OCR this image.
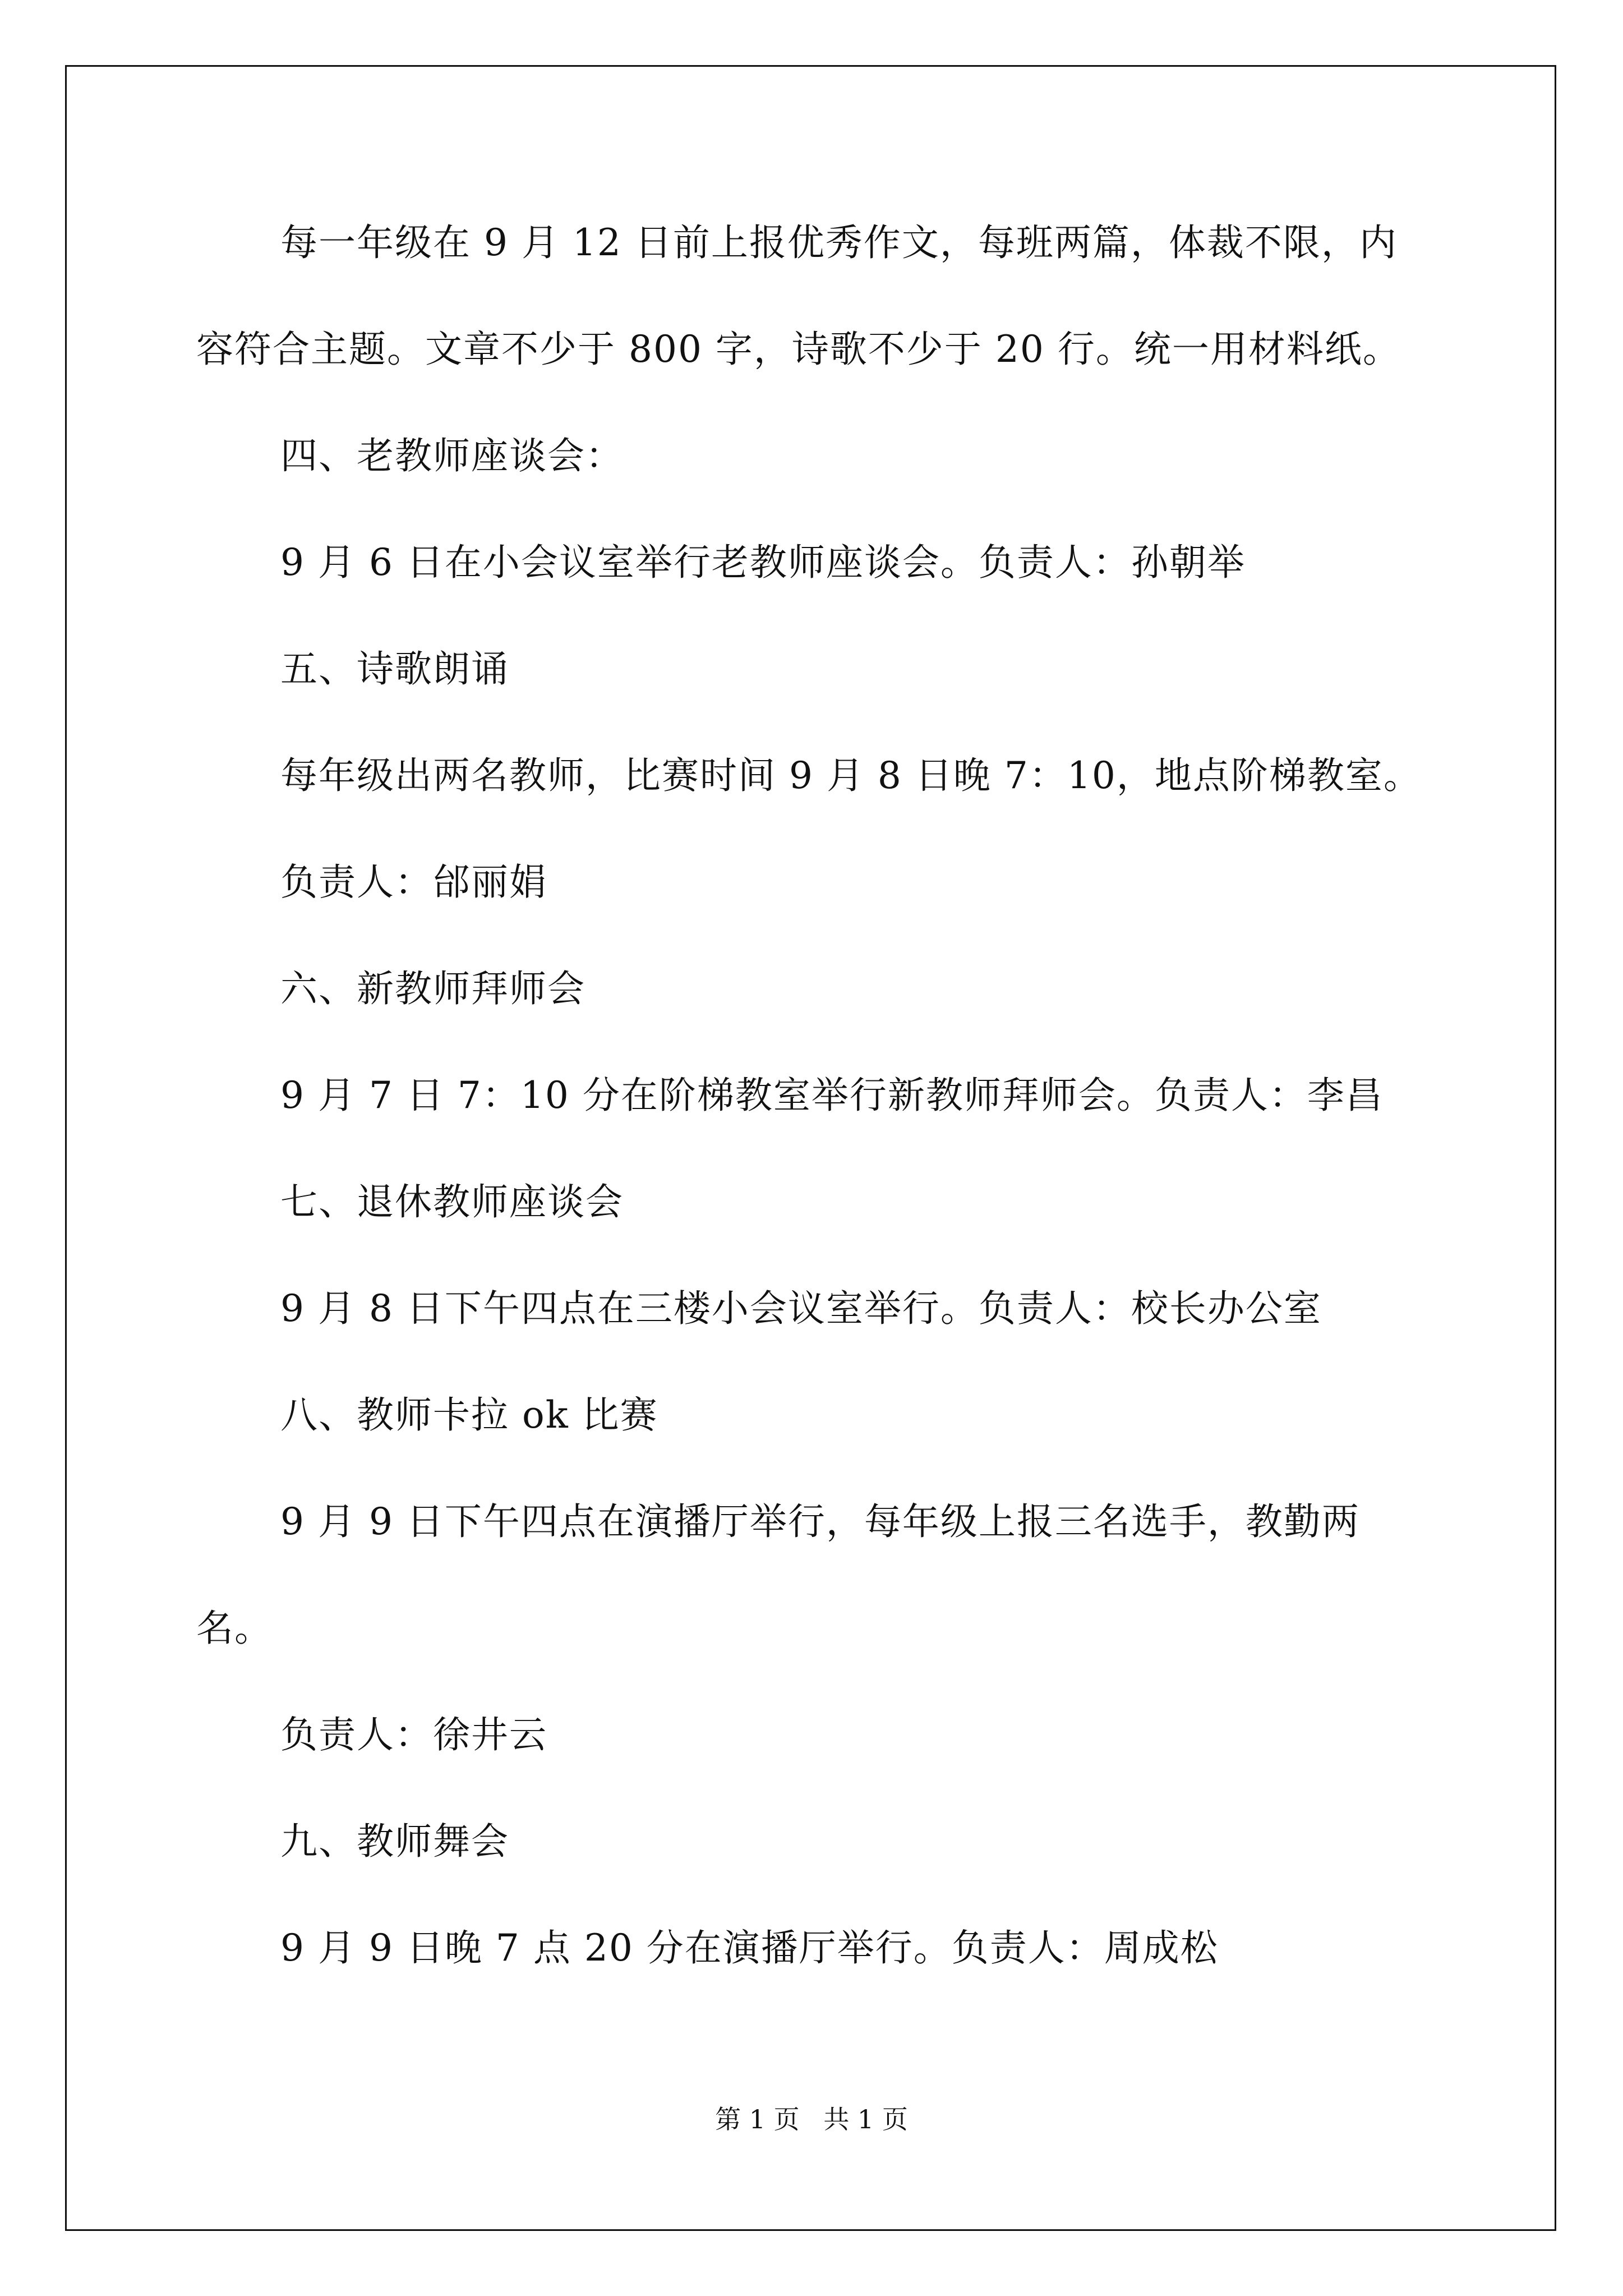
每一年级在 9 月 12 日前上报优秀作文，每班两篇，体裁不限，内
容符合主题。文章不少于 800 字，诗歌不少于 20 行。统一用材料纸。
四、老教师座谈会：
9 月 6 日在小会议室举行老教师座谈会。负责人：孙朝举
五、诗歌朗诵
每年级出两名教师，比赛时间 9 月 8 日晚 7：10，地点阶梯教室。
负责人：邰丽娟
六、新教师拜师会
9 月 7 日 7：10 分在阶梯教室举行新教师拜师会。负责人：李昌
七、退休教师座谈会
9 月 8 日下午四点在三楼小会议室举行。负责人：校长办公室
八、教师卡拉 ok 比赛
9 月 9 日下午四点在演播厅举行，每年级上报三名选手，教勤两
名。
负责人：徐井云
九、教师舞会
9 月 9 日晚 7 点 20 分在演播厅举行。负责人：周成松
第 1 页 共 1 页
